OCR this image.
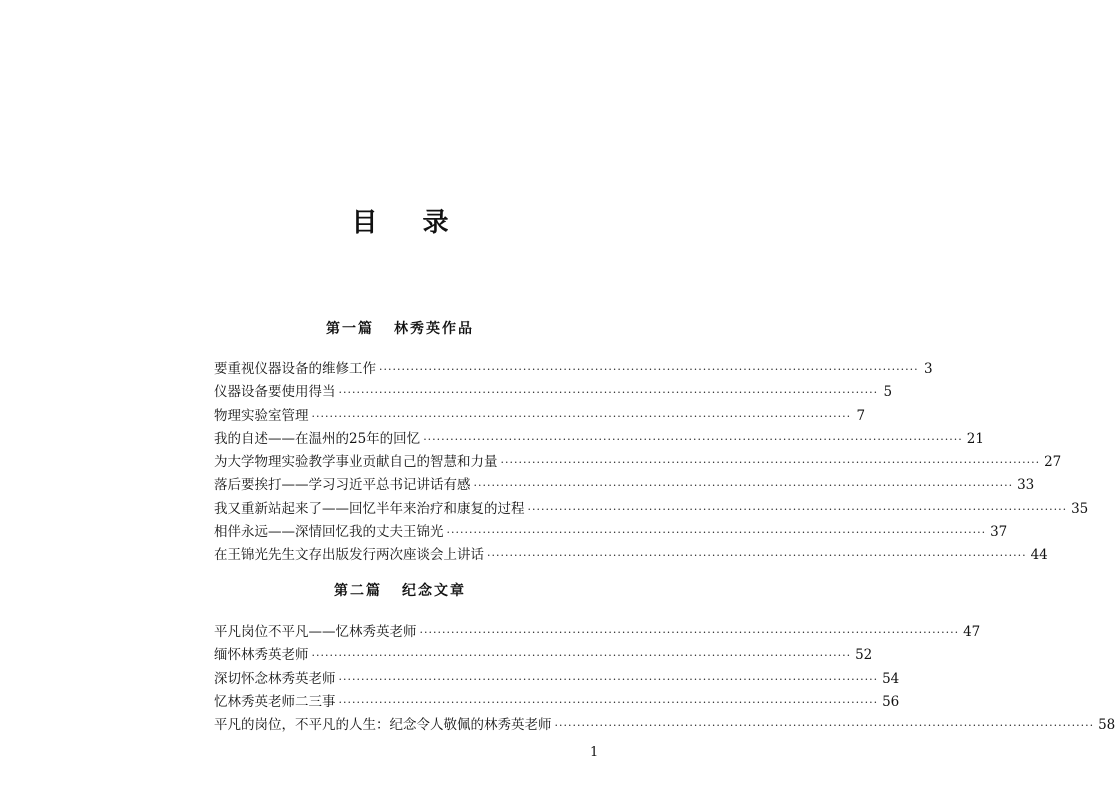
目 录
第一篇 林秀英作品
要重视仪器设备的维修工作 ························································································································ 3
仪器设备要使用得当 ························································································································ 5
物理实验室管理 ························································································································ 7
我的自述——在温州的25年的回忆 ························································································································ 21
为大学物理实验教学事业贡献自己的智慧和力量 ························································································································ 27
落后要挨打——学习习近平总书记讲话有感 ························································································································ 33
我又重新站起来了——回忆半年来治疗和康复的过程 ························································································································ 35
相伴永远——深情回忆我的丈夫王锦光 ························································································································ 37
在王锦光先生文存出版发行两次座谈会上讲话 ························································································································ 44
第二篇 纪念文章
平凡岗位不平凡——忆林秀英老师 ························································································································ 47
缅怀林秀英老师 ························································································································ 52
深切怀念林秀英老师 ························································································································ 54
忆林秀英老师二三事 ························································································································ 56
平凡的岗位，不平凡的人生：纪念令人敬佩的林秀英老师 ························································································································ 58
1
